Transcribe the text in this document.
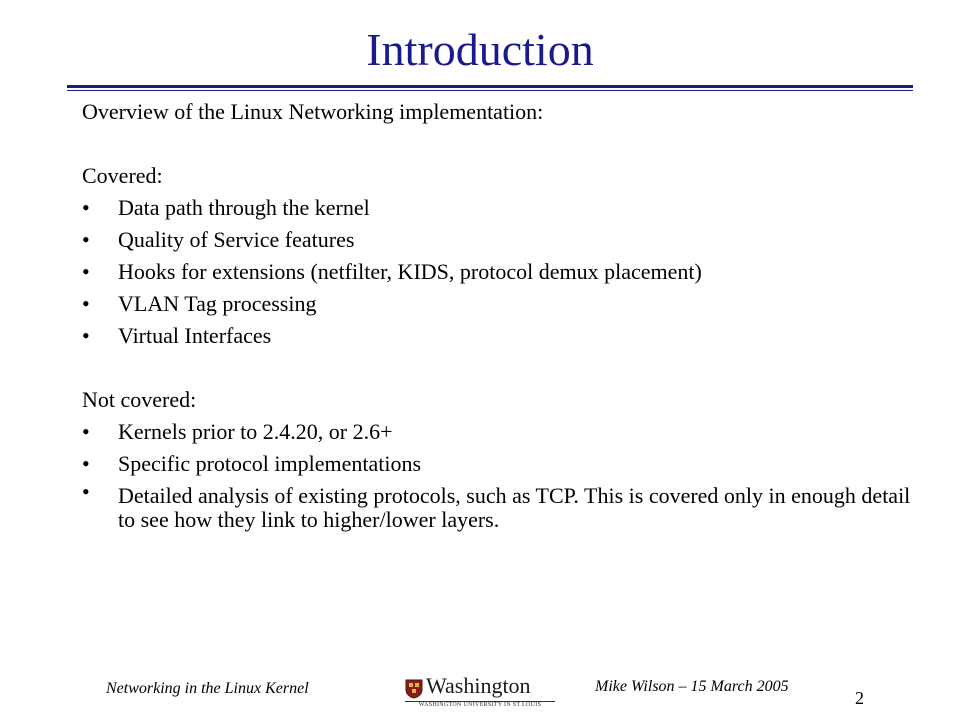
Introduction

Overview of the Linux Networking implementation:

Covered:

• Data path through the kernel
• Quality of Service features
• Hooks for extensions (netfilter, KIDS, protocol demux placement)
• VLAN Tag processing
• Virtual Interfaces

Not covered:

• Kernels prior to 2.4.20, or 2.6+
• Specific protocol implementations
• Detailed analysis of existing protocols, such as TCP. This is covered only in enough detail to see how they link to higher/lower layers.
Networking in the Linux Kernel	Washington
WASHINGTON UNIVERSITY IN ST LOUIS
Mike Wilson – 15 March 2005
2
